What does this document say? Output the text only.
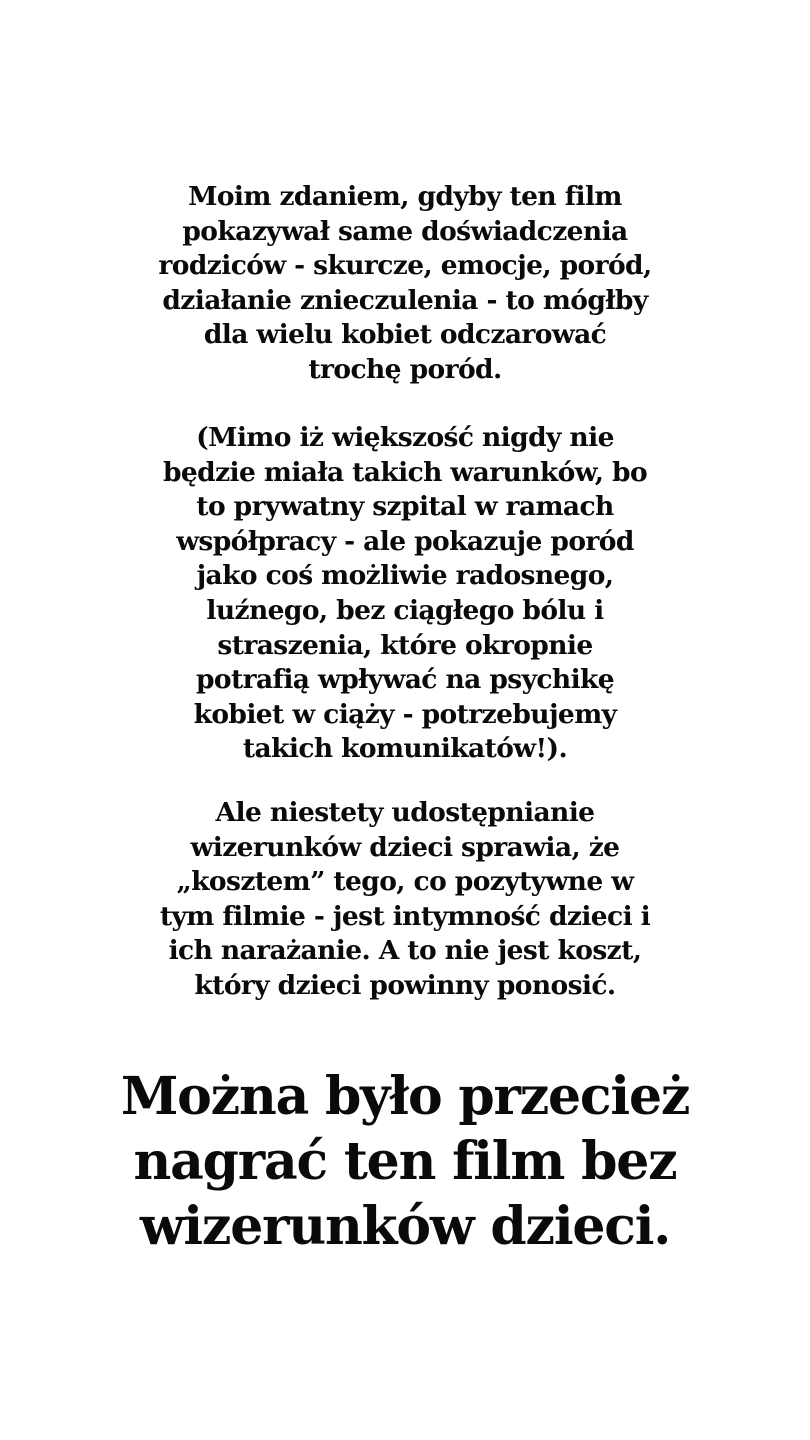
Moim zdaniem, gdyby ten film
pokazywał same doświadczenia
rodziców - skurcze, emocje, poród,
działanie znieczulenia - to mógłby
dla wielu kobiet odczarować
trochę poród.

(Mimo iż większość nigdy nie
będzie miała takich warunków, bo
to prywatny szpital w ramach
współpracy - ale pokazuje poród
jako coś możliwie radosnego,
luźnego, bez ciągłego bólu i
straszenia, które okropnie
potrafią wpływać na psychikę
kobiet w ciąży - potrzebujemy
takich komunikatów!).

Ale niestety udostępnianie
wizerunków dzieci sprawia, że
„kosztem” tego, co pozytywne w
tym filmie - jest intymność dzieci i
ich narażanie. A to nie jest koszt,
który dzieci powinny ponosić.

Można było przecież
nagrać ten film bez
wizerunków dzieci.
